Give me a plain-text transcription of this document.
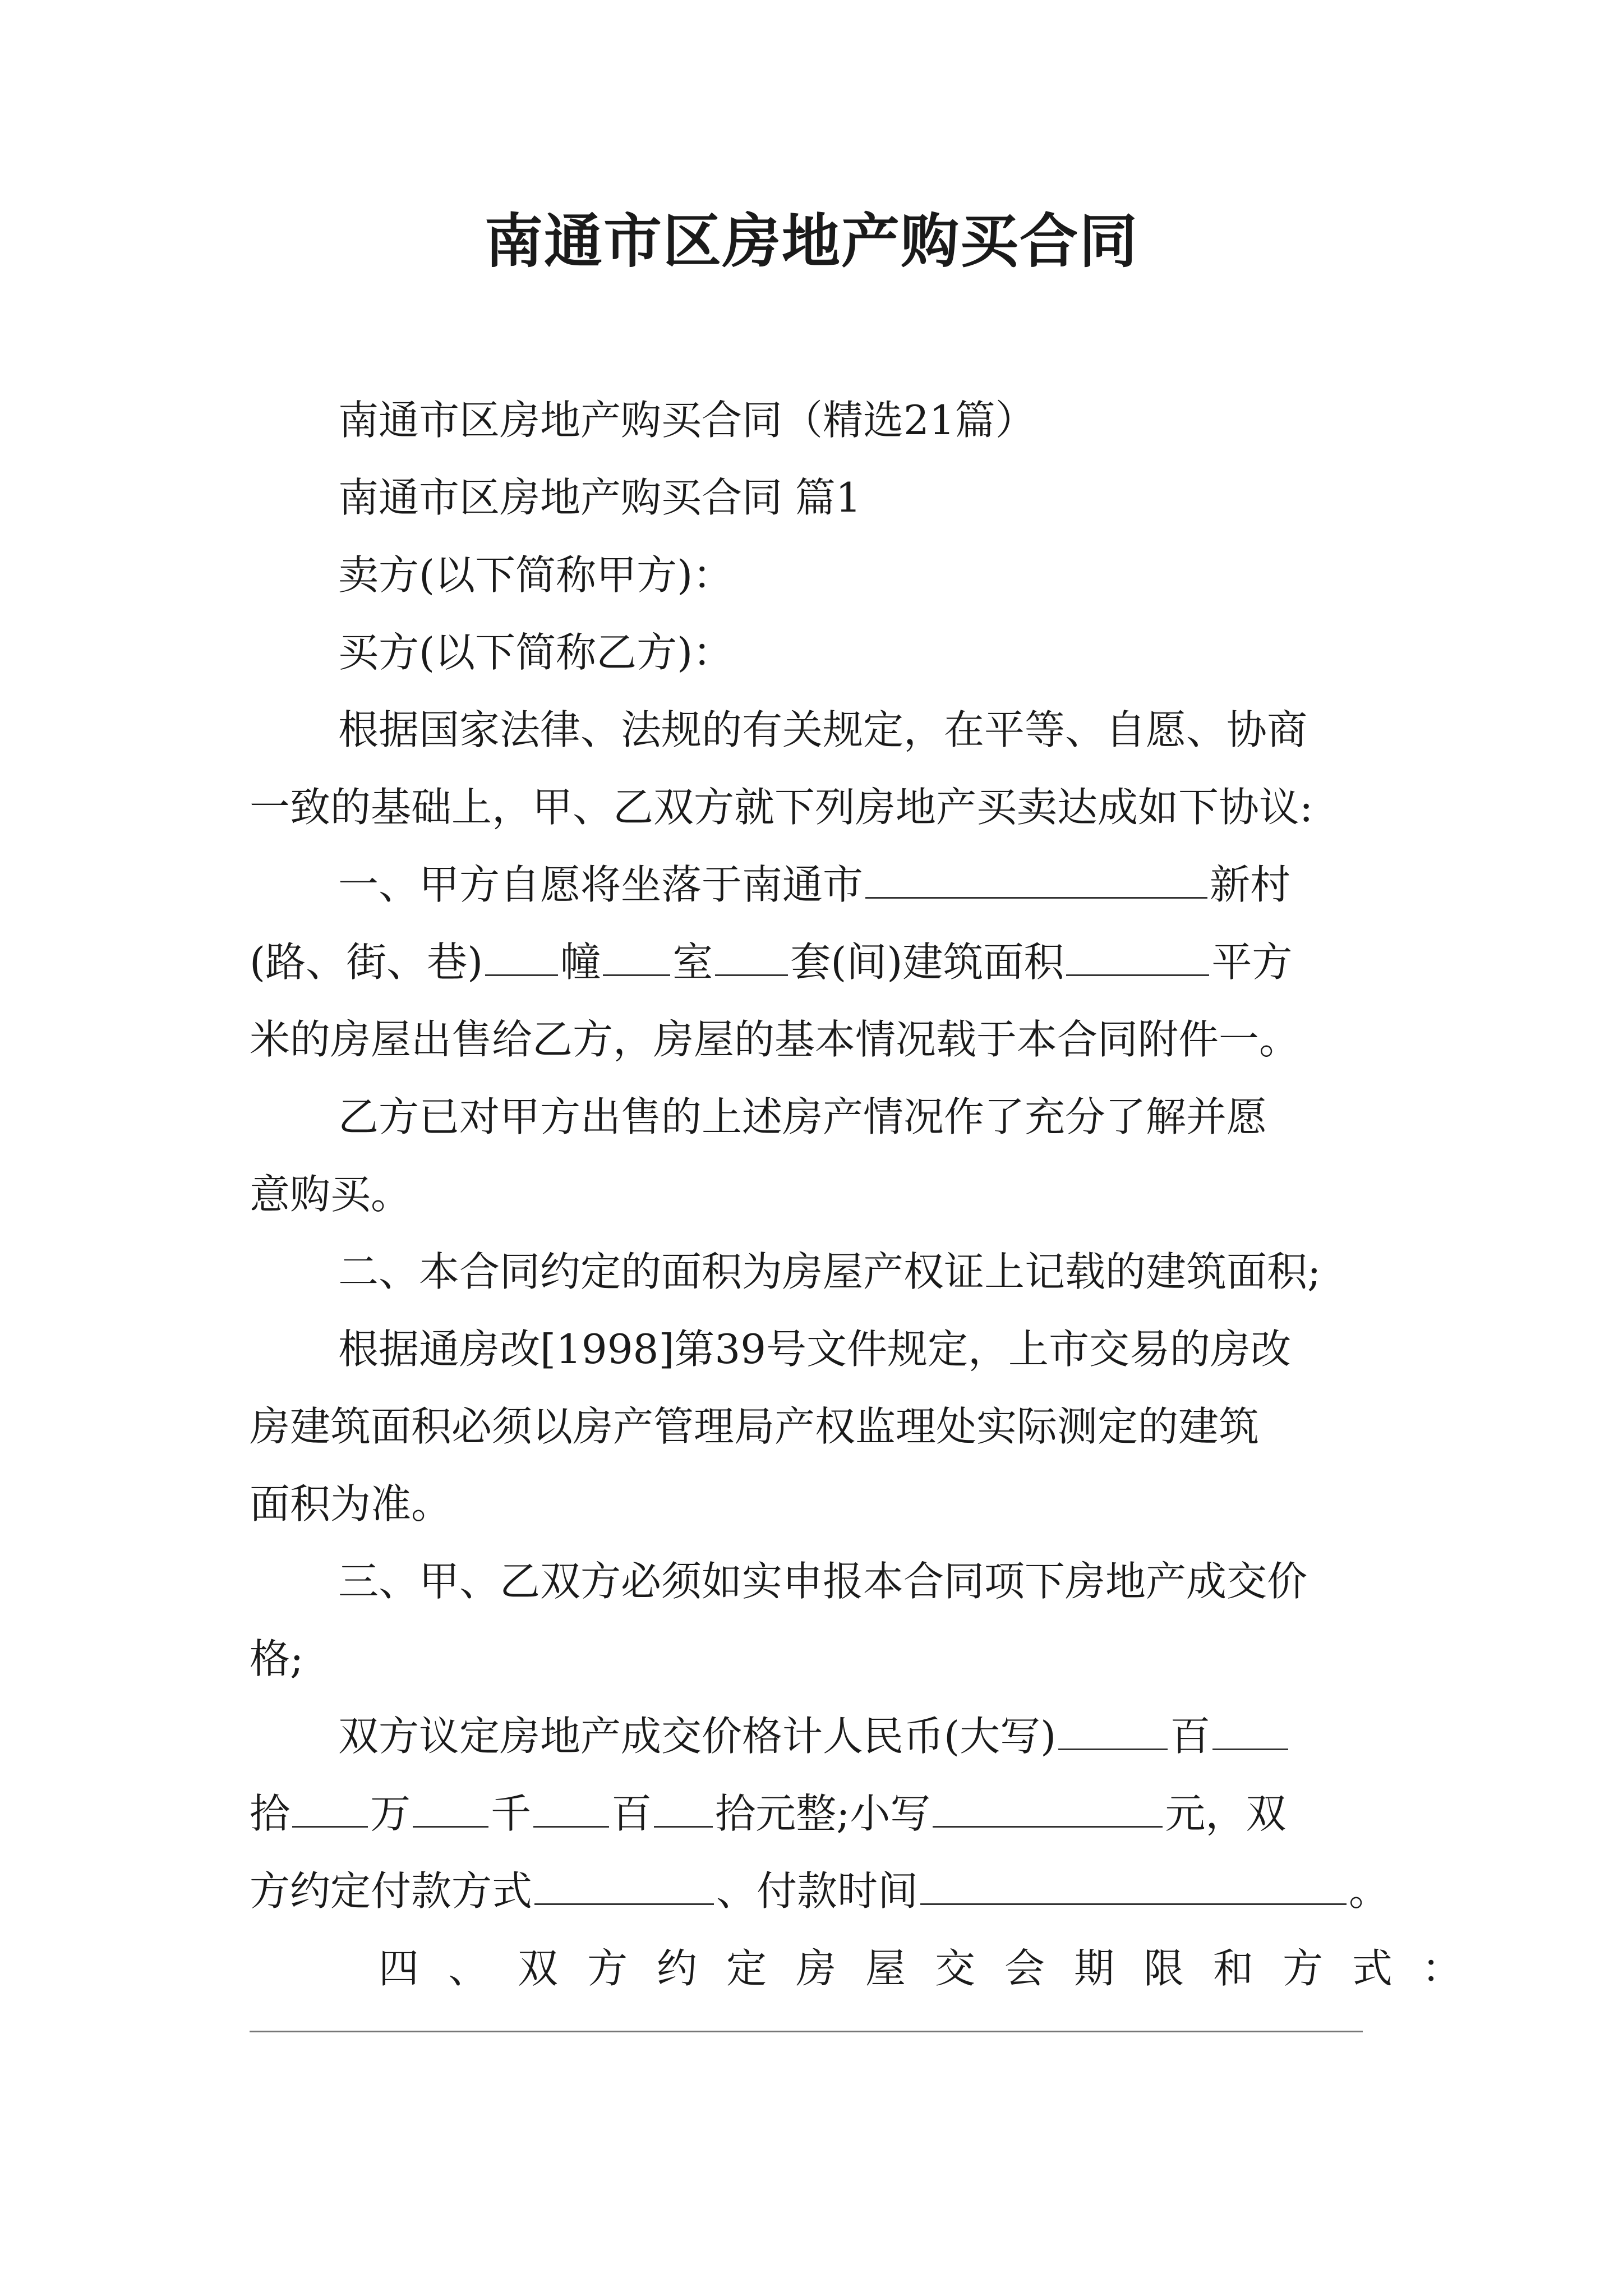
南通市区房地产购买合同
南通市区房地产购买合同（精选21篇）
南通市区房地产购买合同 篇1
卖方(以下简称甲方)：
买方(以下简称乙方)：
根据国家法律、法规的有关规定，在平等、自愿、协商
一致的基础上，甲、乙双方就下列房地产买卖达成如下协议:
一、甲方自愿将坐落于南通市	新村
(路、街、巷) 幢 室 套(间)建筑面积	平方
米的房屋出售给乙方，房屋的基本情况载于本合同附件一。
乙方已对甲方出售的上述房产情况作了充分了解并愿
意购买。
二、本合同约定的面积为房屋产权证上记载的建筑面积;
根据通房改[1998]第39号文件规定，上市交易的房改
房建筑面积必须以房产管理局产权监理处实际测定的建筑
面积为准。
三、甲、乙双方必须如实申报本合同项下房地产成交价
格;
双方议定房地产成交价格计人民币(大写)	百
拾 万 千 百 拾元整;小写	元，双
方约定付款方式	、付款时间	。
四、双方约定房屋交会期限和方式：
